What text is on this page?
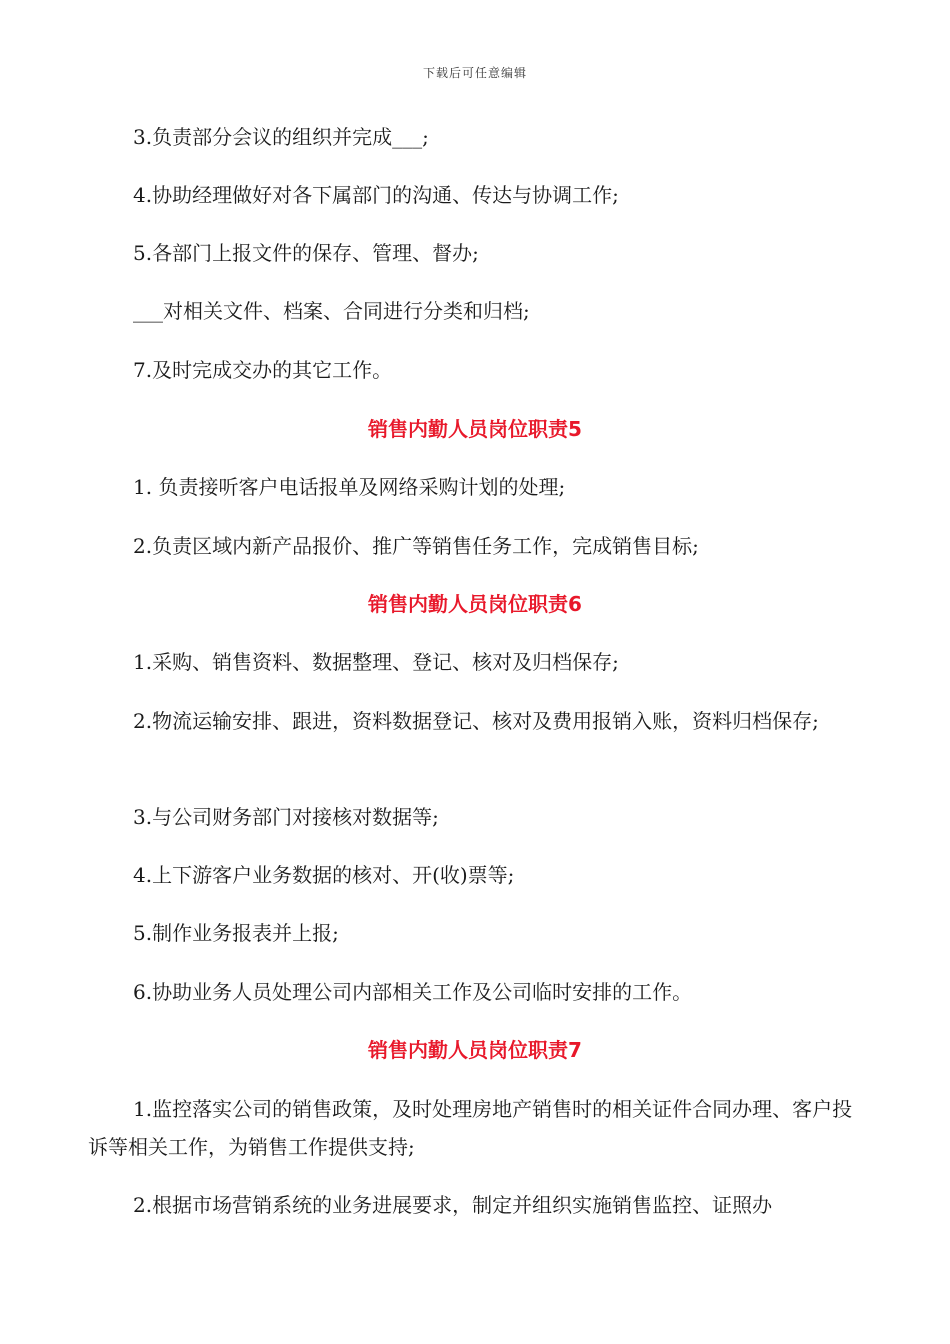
下载后可任意编辑
3.负责部分会议的组织并完成___;
4.协助经理做好对各下属部门的沟通、传达与协调工作;
5.各部门上报文件的保存、管理、督办;
___对相关文件、档案、合同进行分类和归档;
7.及时完成交办的其它工作。
销售内勤人员岗位职责5
1. 负责接听客户电话报单及网络采购计划的处理;
2.负责区域内新产品报价、推广等销售任务工作，完成销售目标;
销售内勤人员岗位职责6
1.采购、销售资料、数据整理、登记、核对及归档保存;
2.物流运输安排、跟进，资料数据登记、核对及费用报销入账，资料归档保存;
3.与公司财务部门对接核对数据等;
4.上下游客户业务数据的核对、开(收)票等;
5.制作业务报表并上报;
6.协助业务人员处理公司内部相关工作及公司临时安排的工作。
销售内勤人员岗位职责7
1.监控落实公司的销售政策，及时处理房地产销售时的相关证件合同办理、客户投诉等相关工作，为销售工作提供支持;
2.根据市场营销系统的业务进展要求，制定并组织实施销售监控、证照办
